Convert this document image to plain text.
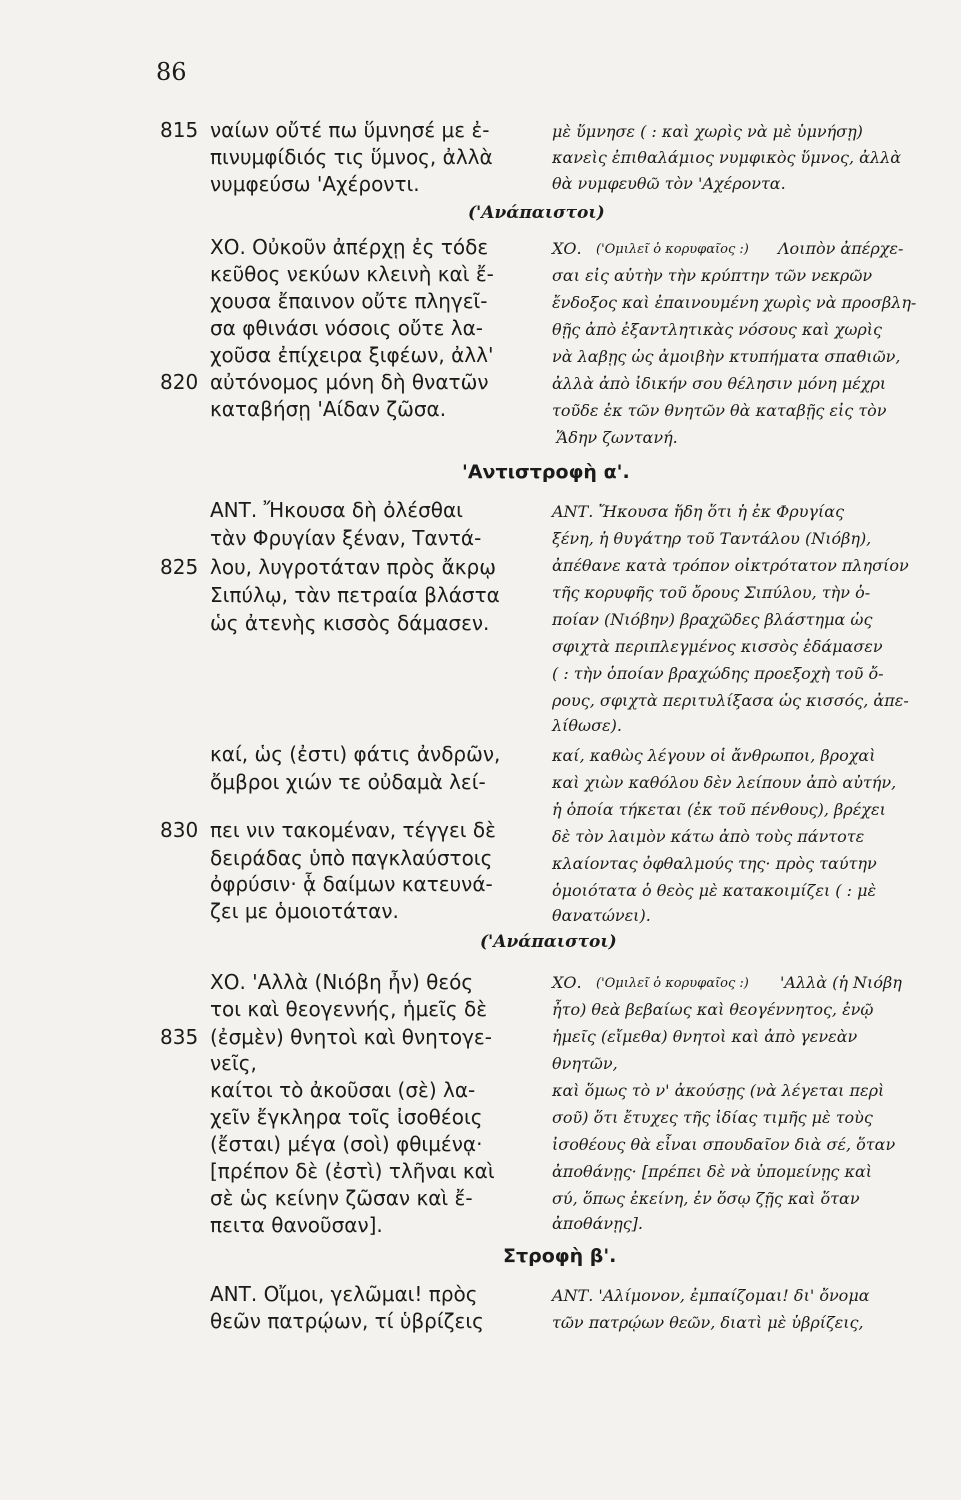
86
815
820
825
830
835
('Ανάπαιστοι)
'Αντιστροφὴ α'.
('Ανάπαιστοι)
Στροφὴ β'.
ναίων οὔτέ πω ὕμνησέ με ἐ-
πινυμφίδιός τις ὕμνος, ἀλλὰ
νυμφεύσω 'Αχέροντι.
ΧΟ. Οὐκοῦν ἀπέρχῃ ἐς τόδε
κεῦθος νεκύων κλεινὴ καὶ ἔ-
χουσα ἔπαινον οὔτε πληγεῖ-
σα φθινάσι νόσοις οὔτε λα-
χοῦσα ἐπίχειρα ξιφέων, ἀλλ'
αὐτόνομος μόνη δὴ θνατῶν
καταβήσῃ 'Αίδαν ζῶσα.
ΑΝΤ. Ἤκουσα δὴ ὀλέσθαι
τὰν Φρυγίαν ξέναν, Ταντά-
λου, λυγροτάταν πρὸς ἄκρῳ
Σιπύλῳ, τὰν πετραία βλάστα
ὡς ἀτενὴς κισσὸς δάμασεν.
καί, ὡς (ἐστι) φάτις ἀνδρῶν,
ὄμβροι χιών τε οὐδαμὰ λεί-
πει νιν τακομέναν, τέγγει δὲ
δειράδας ὑπὸ παγκλαύστοις
ὀφρύσιν· ᾇ δαίμων κατευνά-
ζει με ὁμοιοτάταν.
ΧΟ. 'Αλλὰ (Νιόβη ἦν) θεός
τοι καὶ θεογεννής, ἡμεῖς δὲ
(ἐσμὲν) θνητοὶ καὶ θνητογε-
νεῖς,
καίτοι τὸ ἀκοῦσαι (σὲ) λα-
χεῖν ἔγκληρα τοῖς ἰσοθέοις
(ἔσται) μέγα (σοὶ) φθιμένᾳ·
[πρέπον δὲ (ἐστὶ) τλῆναι καὶ
σὲ ὡς κείνην ζῶσαν καὶ ἔ-
πειτα θανοῦσαν].
ΑΝΤ. Οἴμοι, γελῶμαι! πρὸς
θεῶν πατρῴων, τί ὑβρίζεις
μὲ ὕμνησε ( : καὶ χωρὶς νὰ μὲ ὑμνήσῃ)
κανεὶς ἐπιθαλάμιος νυμφικὸς ὕμνος, ἀλλὰ
θὰ νυμφευθῶ τὸν 'Αχέροντα.
ΧΟ. ('Ομιλεῖ ὁ κορυφαῖος :) Λοιπὸν ἀπέρχε-
σαι εἰς αὐτὴν τὴν κρύπτην τῶν νεκρῶν
ἔνδοξος καὶ ἐπαινουμένη χωρὶς νὰ προσβλη-
θῇς ἀπὸ ἐξαντλητικὰς νόσους καὶ χωρὶς
νὰ λαβῃς ὡς ἀμοιβὴν κτυπήματα σπαθιῶν,
ἀλλὰ ἀπὸ ἰδικήν σου θέλησιν μόνη μέχρι
τοῦδε ἐκ τῶν θνητῶν θὰ καταβῇς εἰς τὸν
Ἅδην ζωντανή.
ΑΝΤ. Ἤκουσα ἤδη ὅτι ἡ ἐκ Φρυγίας
ξένη, ἡ θυγάτηρ τοῦ Ταντάλου (Νιόβη),
ἀπέθανε κατὰ τρόπον οἰκτρότατον πλησίον
τῆς κορυφῆς τοῦ ὄρους Σιπύλου, τὴν ὁ-
ποίαν (Νιόβην) βραχῶδες βλάστημα ὡς
σφιχτὰ περιπλεγμένος κισσὸς ἐδάμασεν
( : τὴν ὁποίαν βραχώδης προεξοχὴ τοῦ ὄ-
ρους, σφιχτὰ περιτυλίξασα ὡς κισσός, ἀπε-
λίθωσε).
καί, καθὼς λέγουν οἱ ἄνθρωποι, βροχαὶ
καὶ χιὼν καθόλου δὲν λείπουν ἀπὸ αὐτήν,
ἡ ὁποία τήκεται (ἐκ τοῦ πένθους), βρέχει
δὲ τὸν λαιμὸν κάτω ἀπὸ τοὺς πάντοτε
κλαίοντας ὀφθαλμούς της· πρὸς ταύτην
ὁμοιότατα ὁ θεὸς μὲ κατακοιμίζει ( : μὲ
θανατώνει).
ΧΟ. ('Ομιλεῖ ὁ κορυφαῖος :) 'Αλλὰ (ἡ Νιόβη
ἦτο) θεὰ βεβαίως καὶ θεογέννητος, ἐνῷ
ἡμεῖς (εἴμεθα) θνητοὶ καὶ ἀπὸ γενεὰν
θνητῶν,
καὶ ὅμως τὸ ν' ἀκούσῃς (νὰ λέγεται περὶ
σοῦ) ὅτι ἔτυχες τῆς ἰδίας τιμῆς μὲ τοὺς
ἰσοθέους θὰ εἶναι σπουδαῖον διὰ σέ, ὅταν
ἀποθάνῃς· [πρέπει δὲ νὰ ὑπομείνῃς καὶ
σύ, ὅπως ἐκείνη, ἐν ὅσῳ ζῇς καὶ ὅταν
ἀποθάνῃς].
ΑΝΤ. 'Αλίμονον, ἐμπαίζομαι! δι' ὄνομα
τῶν πατρῴων θεῶν, διατὶ μὲ ὑβρίζεις,
